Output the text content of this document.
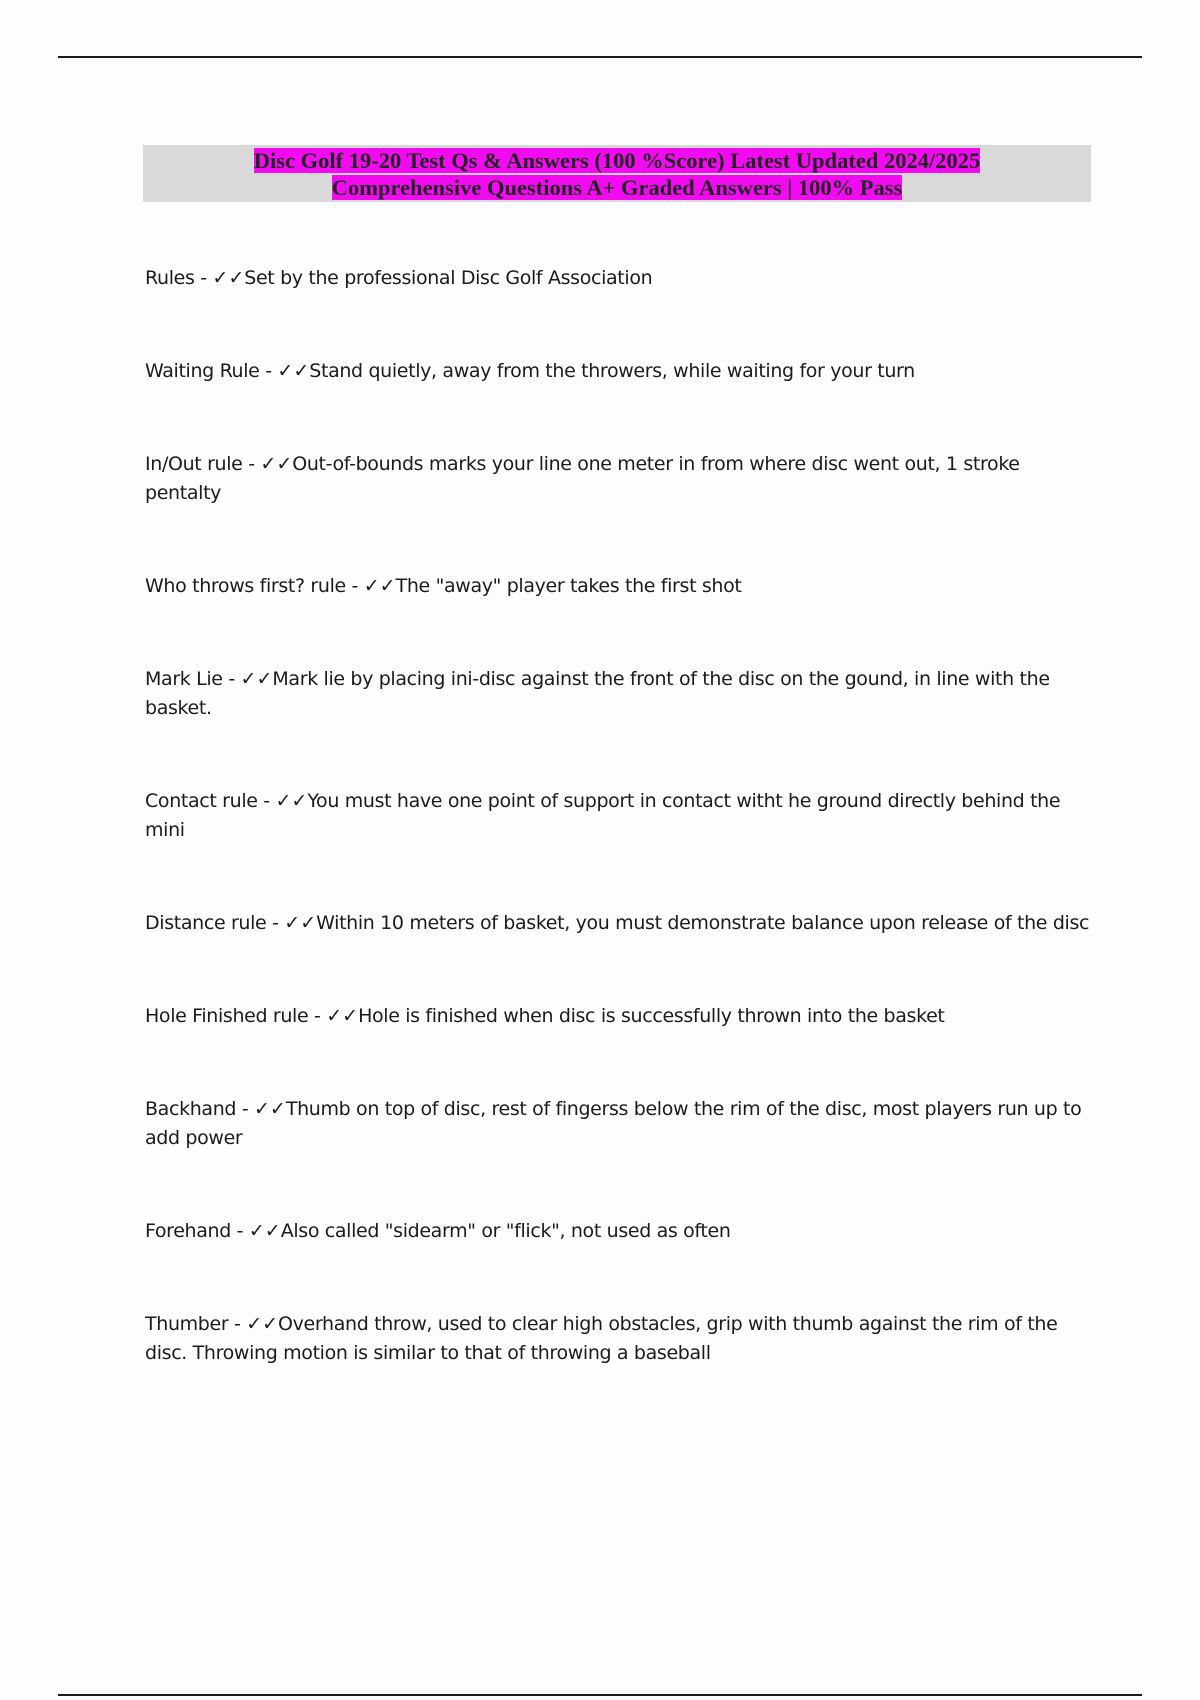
Disc Golf 19-20 Test Qs & Answers (100 %Score) Latest Updated 2024/2025
Comprehensive Questions A+ Graded Answers | 100% Pass

Rules - ✓✓Set by the professional Disc Golf Association

Waiting Rule - ✓✓Stand quietly, away from the throwers, while waiting for your turn

In/Out rule - ✓✓Out-of-bounds marks your line one meter in from where disc went out, 1 stroke pentalty

Who throws first? rule - ✓✓The "away" player takes the first shot

Mark Lie - ✓✓Mark lie by placing ini-disc against the front of the disc on the gound, in line with the basket.

Contact rule - ✓✓You must have one point of support in contact witht he ground directly behind the mini

Distance rule - ✓✓Within 10 meters of basket, you must demonstrate balance upon release of the disc

Hole Finished rule - ✓✓Hole is finished when disc is successfully thrown into the basket

Backhand - ✓✓Thumb on top of disc, rest of fingerss below the rim of the disc, most players run up to add power

Forehand - ✓✓Also called "sidearm" or "flick", not used as often

Thumber - ✓✓Overhand throw, used to clear high obstacles, grip with thumb against the rim of the disc. Throwing motion is similar to that of throwing a baseball
